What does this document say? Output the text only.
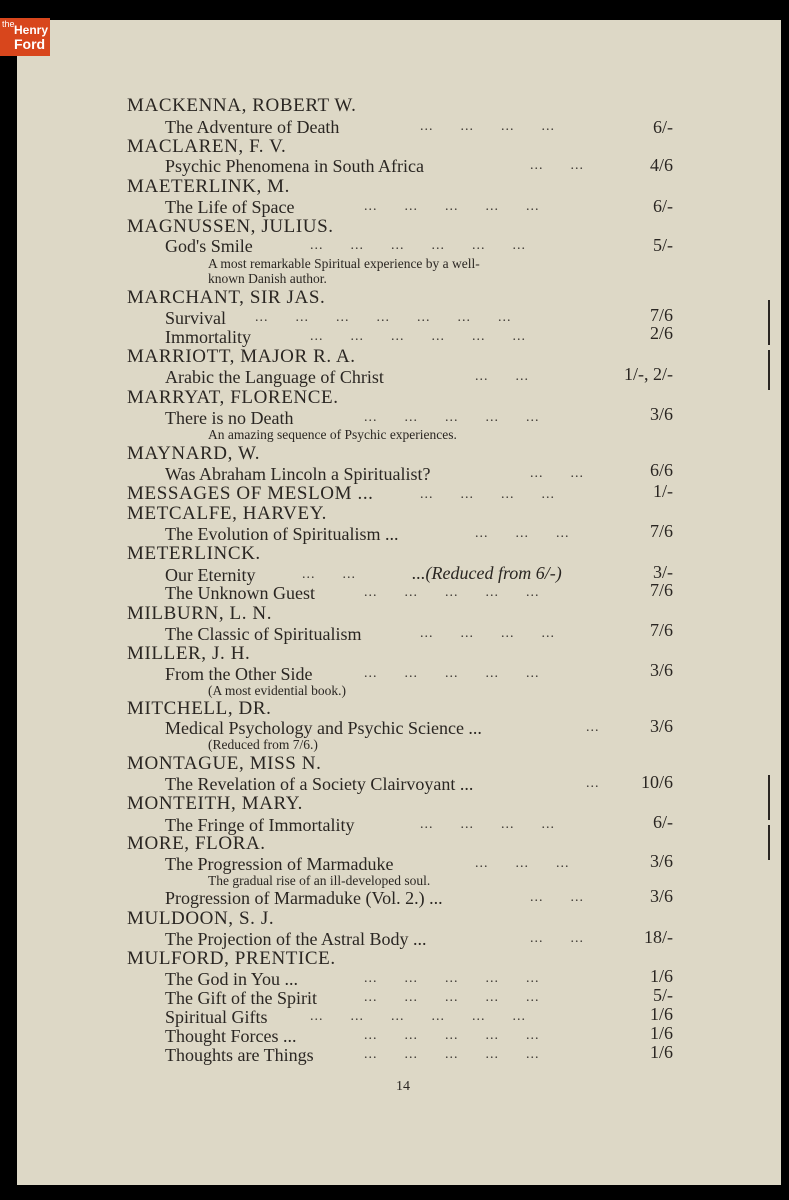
the Henry
Ford
MACKENNA, ROBERT W.
The Adventure of Death	...      ...      ...      ...	6/-
MACLAREN, F. V.
Psychic Phenomena in South Africa	...      ...	4/6
MAETERLINK, M.
The Life of Space	...      ...      ...      ...      ...	6/-
MAGNUSSEN, JULIUS.
God's Smile	...      ...      ...      ...      ...      ...	5/-
A most remarkable Spiritual experience by a well-
known Danish author.
MARCHANT, SIR JAS.
Survival ...      ...      ...      ...      ...      ...      ...	7/6
Immortality	...      ...      ...      ...      ...      ...	2/6
MARRIOTT, MAJOR R. A.
Arabic the Language of Christ	...      ...	1/-, 2/-
MARRYAT, FLORENCE.
There is no Death	...      ...      ...      ...      ...	3/6
An amazing sequence of Psychic experiences.
MAYNARD, W.
Was Abraham Lincoln a Spiritualist?	...      ...	6/6
MESSAGES OF MESLOM ...	...      ...      ...      ...	1/-
METCALFE, HARVEY.
The Evolution of Spiritualism ...	...      ...      ...	7/6
METERLINCK.
Our Eternity	...      ...	...(Reduced from 6/-)	3/-
The Unknown Guest	...      ...      ...      ...      ...	7/6
MILBURN, L. N.
The Classic of Spiritualism	...      ...      ...      ...	7/6
MILLER, J. H.
From the Other Side	...      ...      ...      ...      ...	3/6
(A most evidential book.)
MITCHELL, DR.
Medical Psychology and Psychic Science ...	...	3/6
(Reduced from 7/6.)
MONTAGUE, MISS N.
The Revelation of a Society Clairvoyant ...	... 10/6
MONTEITH, MARY.
The Fringe of Immortality	...      ...      ...      ...	6/-
MORE, FLORA.
The Progression of Marmaduke	...      ...      ...	3/6
The gradual rise of an ill-developed soul.
Progression of Marmaduke (Vol. 2.) ...	...      ...	3/6
MULDOON, S. J.
The Projection of the Astral Body ...	...      ...	18/-
MULFORD, PRENTICE.
The God in You ...	...      ...      ...      ...      ...	1/6
The Gift of the Spirit	...      ...      ...      ...      ...	5/-
Spiritual Gifts	...      ...      ...      ...      ...      ...	1/6
Thought Forces ...	...      ...      ...      ...      ...	1/6
Thoughts are Things	...      ...      ...      ...      ...	1/6
14
